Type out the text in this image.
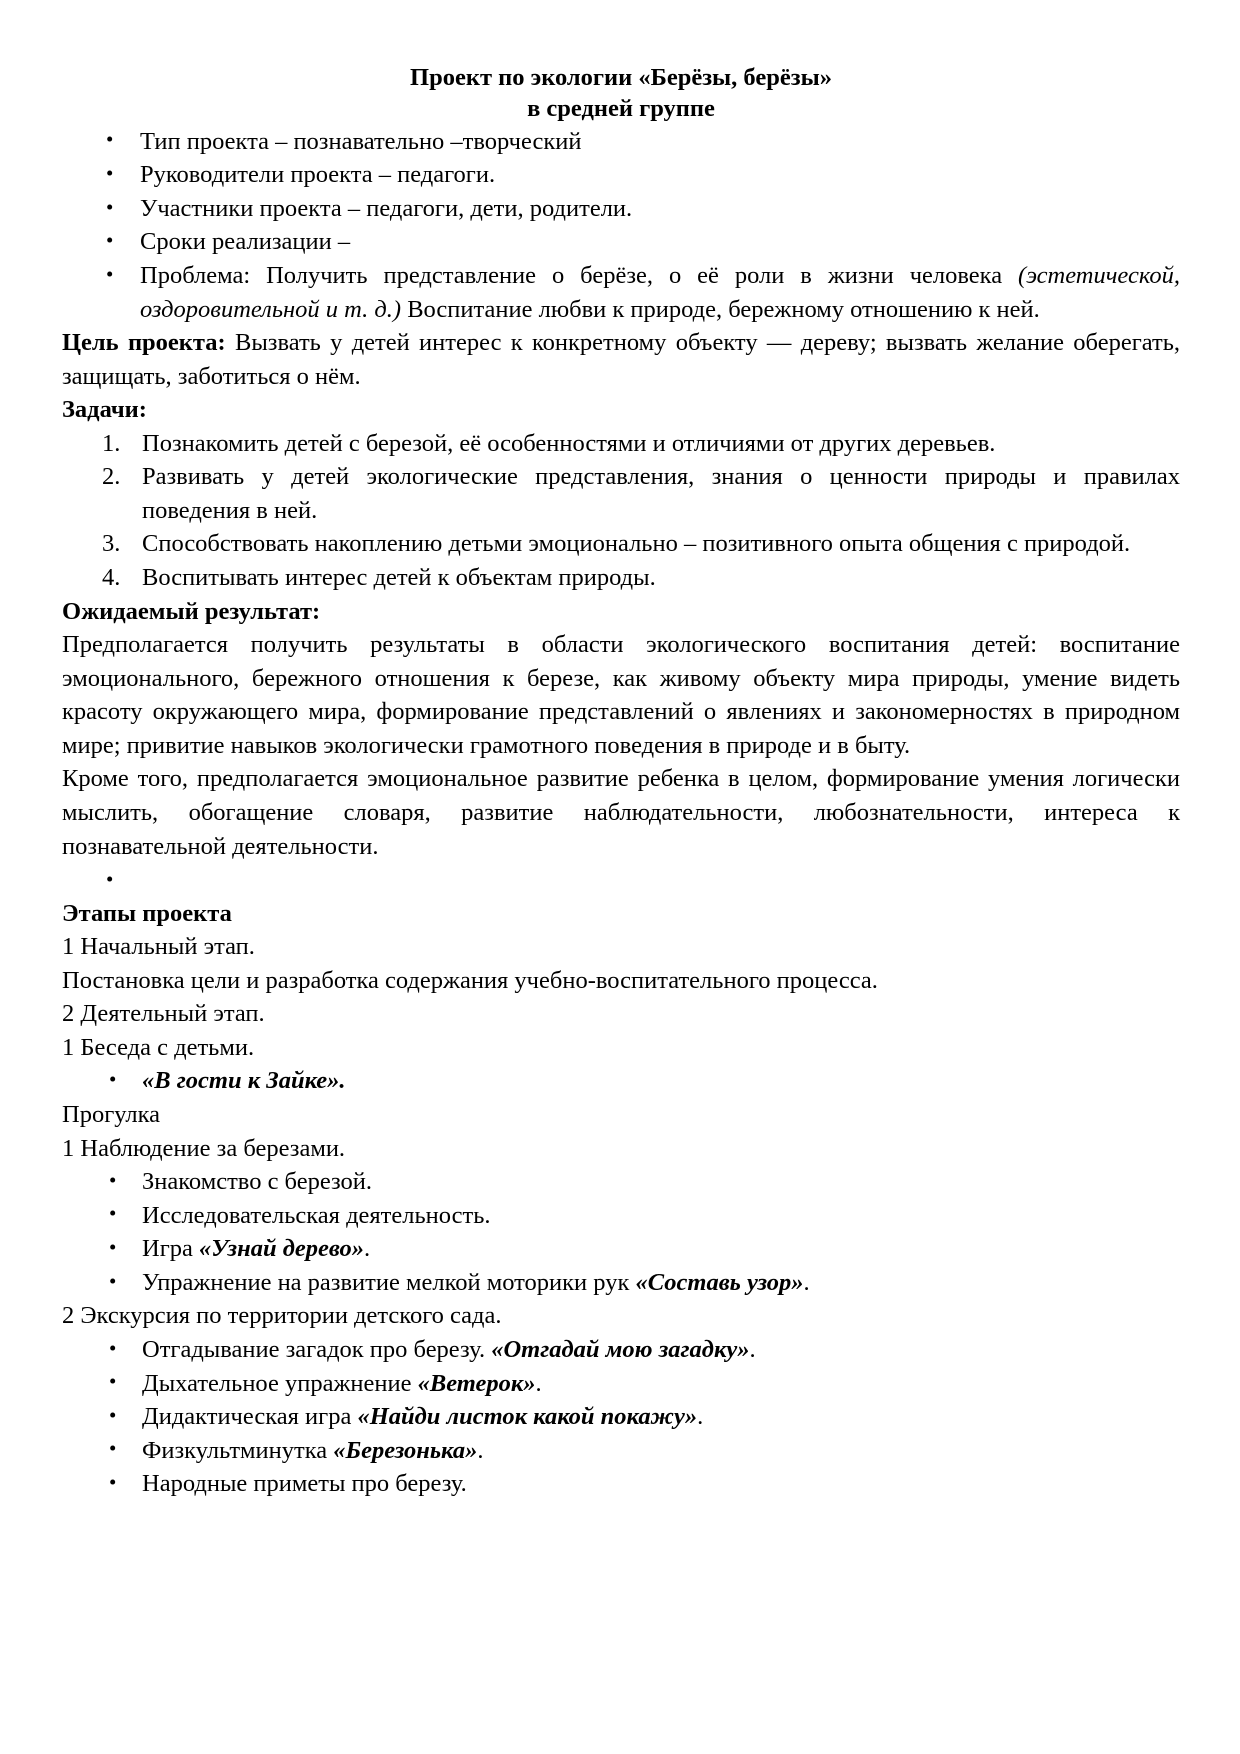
Проект по экологии «Берёзы, берёзы»
в средней группе
• Тип проекта – познавательно –творческий
• Руководители проекта – педагоги.
• Участники проекта – педагоги, дети, родители.
• Сроки реализации –
• Проблема: Получить представление о берёзе, о её роли в жизни человека (эстетической, оздоровительной и т. д.) Воспитание любви к природе, бережному отношению к ней.

Цель проекта: Вызвать у детей интерес к конкретному объекту — дереву; вызвать желание оберегать, защищать, заботиться о нём.

Задачи:

Познакомить детей с березой, её особенностями и отличиями от других деревьев.
Развивать у детей экологические представления, знания о ценности природы и правилах поведения в ней.
Способствовать накоплению детьми эмоционально – позитивного опыта общения с природой.
Воспитывать интерес детей к объектам природы.

Ожидаемый результат:

Предполагается получить результаты в области экологического воспитания детей: воспитание эмоционального, бережного отношения к березе, как живому объекту мира природы, умение видеть красоту окружающего мира, формирование представлений о явлениях и закономерностях в природном мире; привитие навыков экологически грамотного поведения в природе и в быту.

Кроме того, предполагается эмоциональное развитие ребенка в целом, формирование умения логически мыслить, обогащение словаря, развитие наблюдательности, любознательности, интереса к познавательной деятельности.

•

Этапы проекта

1 Начальный этап.

Постановка цели и разработка содержания учебно-воспитательного процесса.

2 Деятельный этап.

1 Беседа с детьми.

• «В гости к Зайке».

Прогулка

1 Наблюдение за березами.

• Знакомство с березой.
• Исследовательская деятельность.
• Игра «Узнай дерево».
• Упражнение на развитие мелкой моторики рук «Составь узор».

2 Экскурсия по территории детского сада.

• Отгадывание загадок про березу. «Отгадай мою загадку».
• Дыхательное упражнение «Ветерок».
• Дидактическая игра «Найди листок какой покажу».
• Физкультминутка «Березонька».
• Народные приметы про березу.
